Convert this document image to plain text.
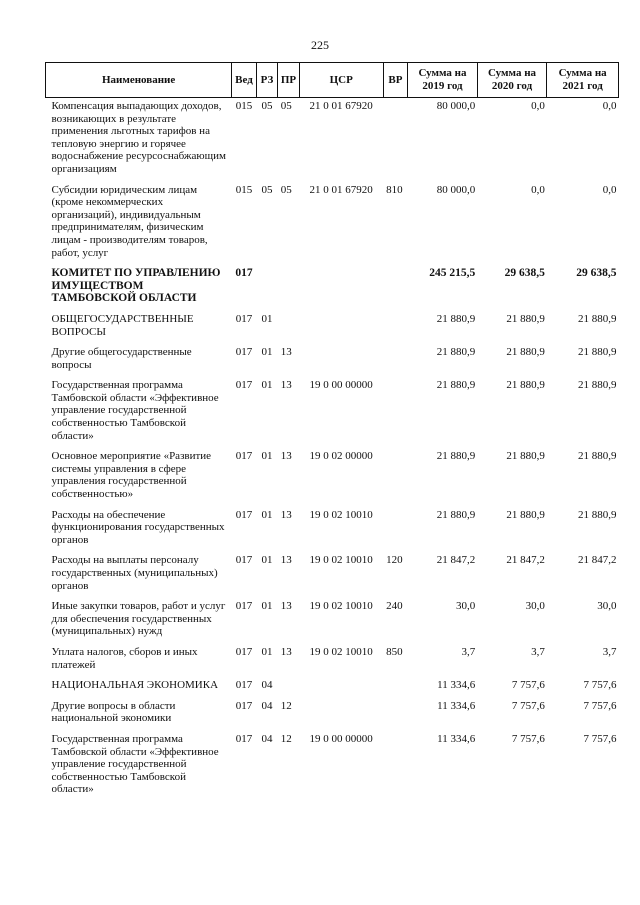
225
Наименование	Вед	РЗ	ПР	ЦСР	ВР	Сумма на 2019 год	Сумма на 2020 год	Сумма на 2021 год
Компенсация выпадающих доходов, возникающих в результате применения льготных тарифов на тепловую энергию и горячее водоснабжение ресурсоснабжающим организациям	015	05	05	21 0 01 67920		80 000,0	0,0	0,0
Субсидии юридическим лицам (кроме некоммерческих организаций), индивидуальным предпринимателям, физическим лицам - производителям товаров, работ, услуг	015	05	05	21 0 01 67920	810	80 000,0	0,0	0,0
КОМИТЕТ ПО УПРАВЛЕНИЮ ИМУЩЕСТВОМ ТАМБОВСКОЙ ОБЛАСТИ	017					245 215,5	29 638,5	29 638,5
ОБЩЕГОСУДАРСТВЕННЫЕ ВОПРОСЫ	017	01				21 880,9	21 880,9	21 880,9
Другие общегосударственные вопросы	017	01	13			21 880,9	21 880,9	21 880,9
Государственная программа Тамбовской области «Эффективное управление государственной собственностью Тамбовской области»	017	01	13	19 0 00 00000		21 880,9	21 880,9	21 880,9
Основное мероприятие «Развитие системы управления в сфере управления государственной собственностью»	017	01	13	19 0 02 00000		21 880,9	21 880,9	21 880,9
Расходы на обеспечение функционирования государственных органов	017	01	13	19 0 02 10010		21 880,9	21 880,9	21 880,9
Расходы на выплаты персоналу государственных (муниципальных) органов	017	01	13	19 0 02 10010	120	21 847,2	21 847,2	21 847,2
Иные закупки товаров, работ и услуг для обеспечения государственных (муниципальных) нужд	017	01	13	19 0 02 10010	240	30,0	30,0	30,0
Уплата налогов, сборов и иных платежей	017	01	13	19 0 02 10010	850	3,7	3,7	3,7
НАЦИОНАЛЬНАЯ ЭКОНОМИКА	017	04				11 334,6	7 757,6	7 757,6
Другие вопросы в области национальной экономики	017	04	12			11 334,6	7 757,6	7 757,6
Государственная программа Тамбовской области «Эффективное управление государственной собственностью Тамбовской области»	017	04	12	19 0 00 00000		11 334,6	7 757,6	7 757,6
